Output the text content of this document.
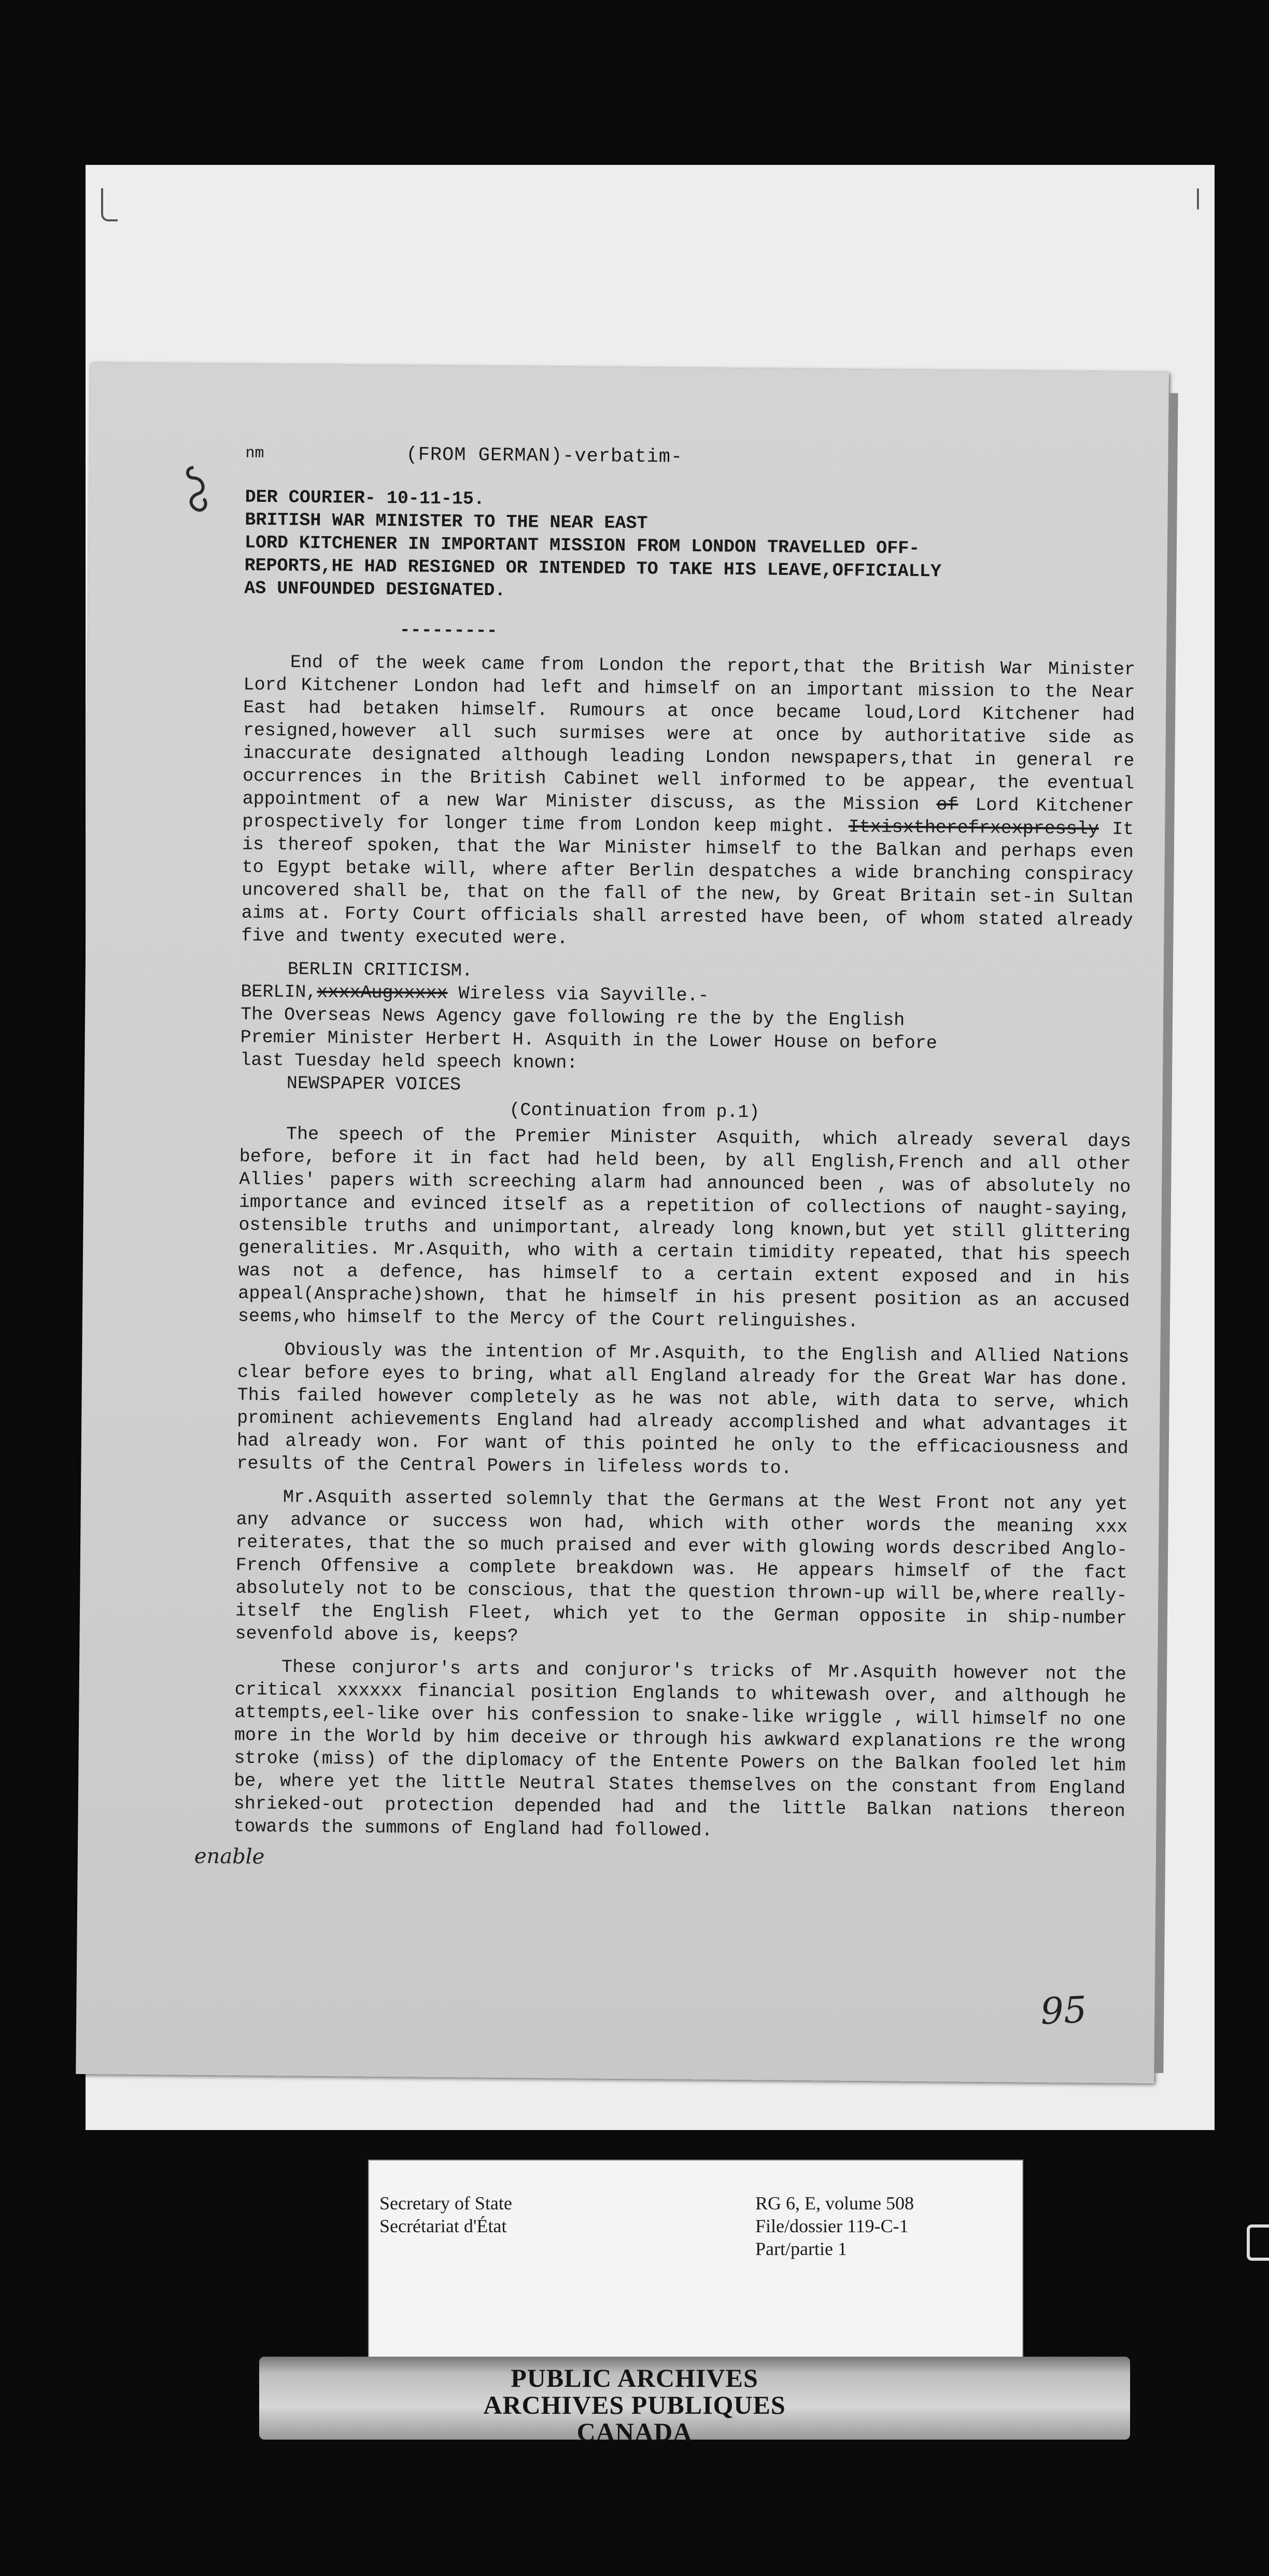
|
nm	(FROM GERMAN)-verbatim-

DER COURIER- 10-11-15.

BRITISH WAR MINISTER TO THE NEAR EAST

LORD KITCHENER IN IMPORTANT MISSION FROM LONDON TRAVELLED OFF-

REPORTS,HE HAD RESIGNED OR INTENDED TO TAKE HIS LEAVE,OFFICIALLY

AS UNFOUNDED DESIGNATED.

---------

End of the week came from London the report,that the British War Minister Lord Kitchener London had left and himself on an important mission to the Near East had betaken himself. Rumours at once became loud,Lord Kitchener had resigned,however all such surmises were at once by authoritative side as inaccurate designated although leading London newspapers,that in general re occurrences in the British Cabinet well informed to be appear, the eventual appointment of a new War Minister discuss, as the Mission of Lord Kitchener prospectively for longer time from London keep might. Itxisxtherefrxexpressly It is thereof spoken, that the War Minister himself to the Balkan and perhaps even to Egypt betake will, where after Berlin despatches a wide branching conspiracy uncovered shall be, that on the fall of the new, by Great Britain set-in Sultan aims at. Forty Court officials shall arrested have been, of whom stated already five and twenty executed were.

BERLIN CRITICISM.

BERLIN,xxxxAugxxxxx Wireless via Sayville.-

The Overseas News Agency gave following re the by the English

Premier Minister Herbert H. Asquith in the Lower House on before

last Tuesday held speech known:

NEWSPAPER VOICES

(Continuation from p.1)

The speech of the Premier Minister Asquith, which already several days before, before it in fact had held been, by all English,French and all other Allies' papers with screeching alarm had announced been , was of absolutely no importance and evinced itself as a repetition of collections of naught-saying, ostensible truths and unimportant, already long known,but yet still glittering generalities. Mr.Asquith, who with a certain timidity repeated, that his speech was not a defence, has himself to a certain extent exposed and in his appeal(Ansprache)shown, that he himself in his present position as an accused seems,who himself to the Mercy of the Court relinguishes.

Obviously was the intention of Mr.Asquith, to the English and Allied Nations clear before eyes to bring, what all England already for the Great War has done. This failed however completely as he was not able, with data to serve, which prominent achievements England had already accomplished and what advantages it had already won. For want of this pointed he only to the efficaciousness and results of the Central Powers in lifeless words to.

Mr.Asquith asserted solemnly that the Germans at the West Front not any yet any advance or success won had, which with other words the meaning xxx reiterates, that the so much praised and ever with glowing words described Anglo-French Offensive a complete breakdown was. He appears himself of the fact absolutely not to be conscious, that the question thrown-up will be,where really-itself the English Fleet, which yet to the German opposite in ship-number sevenfold above is, keeps?

These conjuror's arts and conjuror's tricks of Mr.Asquith however not the critical xxxxxx financial position Englands to whitewash over, and although he attempts,eel-like over his confession to snake-like wriggle , will himself no one more in the World by him deceive or through his awkward explanations re the wrong stroke (miss) of the diplomacy of the Entente Powers on the Balkan fooled let him be, where yet the little Neutral States themselves on the constant from England shrieked-out protection depended had and the little Balkan nations thereon towards the summons of England had followed.

enable
95
Secretary of State
Secrétariat d'État
RG 6, E, volume 508
File/dossier 119-C-1
Part/partie 1
PUBLIC ARCHIVES
ARCHIVES PUBLIQUES
CANADA
